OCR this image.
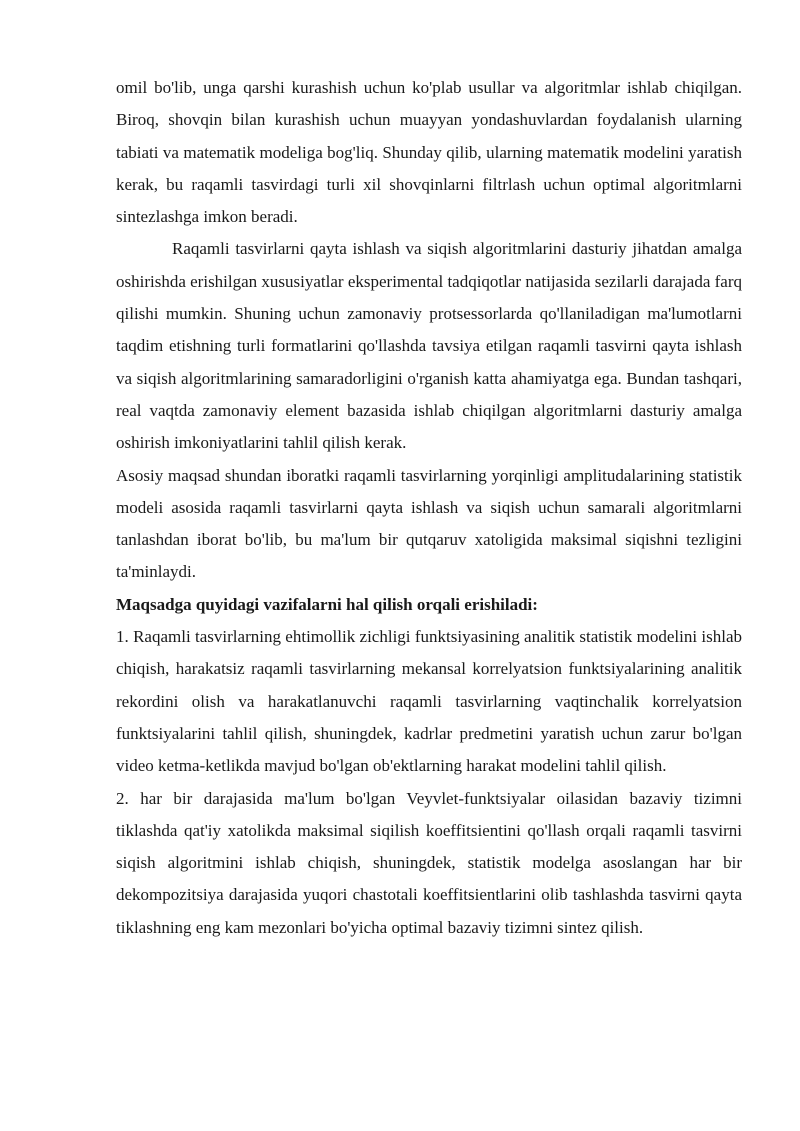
omil bo'lib, unga qarshi kurashish uchun ko'plab usullar va algoritmlar ishlab chiqilgan. Biroq, shovqin bilan kurashish uchun muayyan yondashuvlardan foydalanish ularning tabiati va matematik modeliga bog'liq. Shunday qilib, ularning matematik modelini yaratish kerak, bu raqamli tasvirdagi turli xil shovqinlarni filtrlash uchun optimal algoritmlarni sintezlashga imkon beradi.

Raqamli tasvirlarni qayta ishlash va siqish algoritmlarini dasturiy jihatdan amalga oshirishda erishilgan xususiyatlar eksperimental tadqiqotlar natijasida sezilarli darajada farq qilishi mumkin. Shuning uchun zamonaviy protsessorlarda qo'llaniladigan ma'lumotlarni taqdim etishning turli formatlarini qo'llashda tavsiya etilgan raqamli tasvirni qayta ishlash va siqish algoritmlarining samaradorligini o'rganish katta ahamiyatga ega. Bundan tashqari, real vaqtda zamonaviy element bazasida ishlab chiqilgan algoritmlarni dasturiy amalga oshirish imkoniyatlarini tahlil qilish kerak.

Asosiy maqsad shundan iboratki raqamli tasvirlarning yorqinligi amplitudalarining statistik modeli asosida raqamli tasvirlarni qayta ishlash va siqish uchun samarali algoritmlarni tanlashdan iborat bo'lib, bu ma'lum bir qutqaruv xatoligida maksimal siqishni tezligini ta'minlaydi.

Maqsadga quyidagi vazifalarni hal qilish orqali erishiladi:

1. Raqamli tasvirlarning ehtimollik zichligi funktsiyasining analitik statistik modelini ishlab chiqish, harakatsiz raqamli tasvirlarning mekansal korrelyatsion funktsiyalarining analitik rekordini olish va harakatlanuvchi raqamli tasvirlarning vaqtinchalik korrelyatsion funktsiyalarini tahlil qilish, shuningdek, kadrlar predmetini yaratish uchun zarur bo'lgan video ketma-ketlikda mavjud bo'lgan ob'ektlarning harakat modelini tahlil qilish.

2. har bir darajasida ma'lum bo'lgan Veyvlet-funktsiyalar oilasidan bazaviy tizimni tiklashda qat'iy xatolikda maksimal siqilish koeffitsientini qo'llash orqali raqamli tasvirni siqish algoritmini ishlab chiqish, shuningdek, statistik modelga asoslangan har bir dekompozitsiya darajasida yuqori chastotali koeffitsientlarini olib tashlashda tasvirni qayta tiklashning eng kam mezonlari bo'yicha optimal bazaviy tizimni sintez qilish.
